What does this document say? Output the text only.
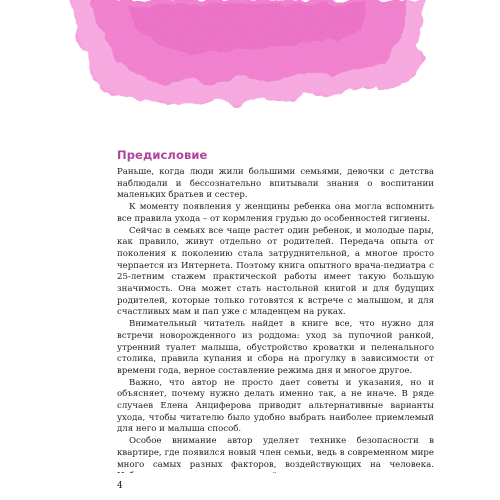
Предисловие

Раньше, когда люди жили большими семьями, девочки с детства наблюдали и бессознательно впитывали знания о воспитании маленьких братьев и сестер.

К моменту появления у женщины ребенка она могла вспомнить все правила ухода – от кормления грудью до особенностей гигиены.

Сейчас в семьях все чаще растет один ребенок, и молодые пары, как правило, живут отдельно от родителей. Передача опыта от поколения к поколению стала затруднительной, а многое просто черпается из Интернета. Поэтому книга опытного врача-педиатра с 25-летним стажем практической работы имеет такую большую значимость. Она может стать настольной книгой и для будущих родителей, которые только готовятся к встрече с малышом, и для счастливых мам и пап уже с младенцем на руках.

Внимательный читатель найдет в книге все, что нужно для встречи новорожденного из роддома: уход за пупочной ранкой, утренний туалет малыша, обустройство кроватки и пеленального столика, правила купания и сбора на прогулку в зависимости от времени года, верное составление режима дня и многое другое.

Важно, что автор не просто дает советы и указания, но и объясняет, почему нужно делать именно так, а не иначе. В ряде случаев Елена Анциферова приводит альтернативные варианты ухода, чтобы читателю было удобно выбрать наиболее приемлемый для него и малыша способ.

Особое внимание автор уделяет технике безопасности в квартире, где появился новый член семьи, ведь в современном мире много самых разных факторов, воздействующих на человека.

4
